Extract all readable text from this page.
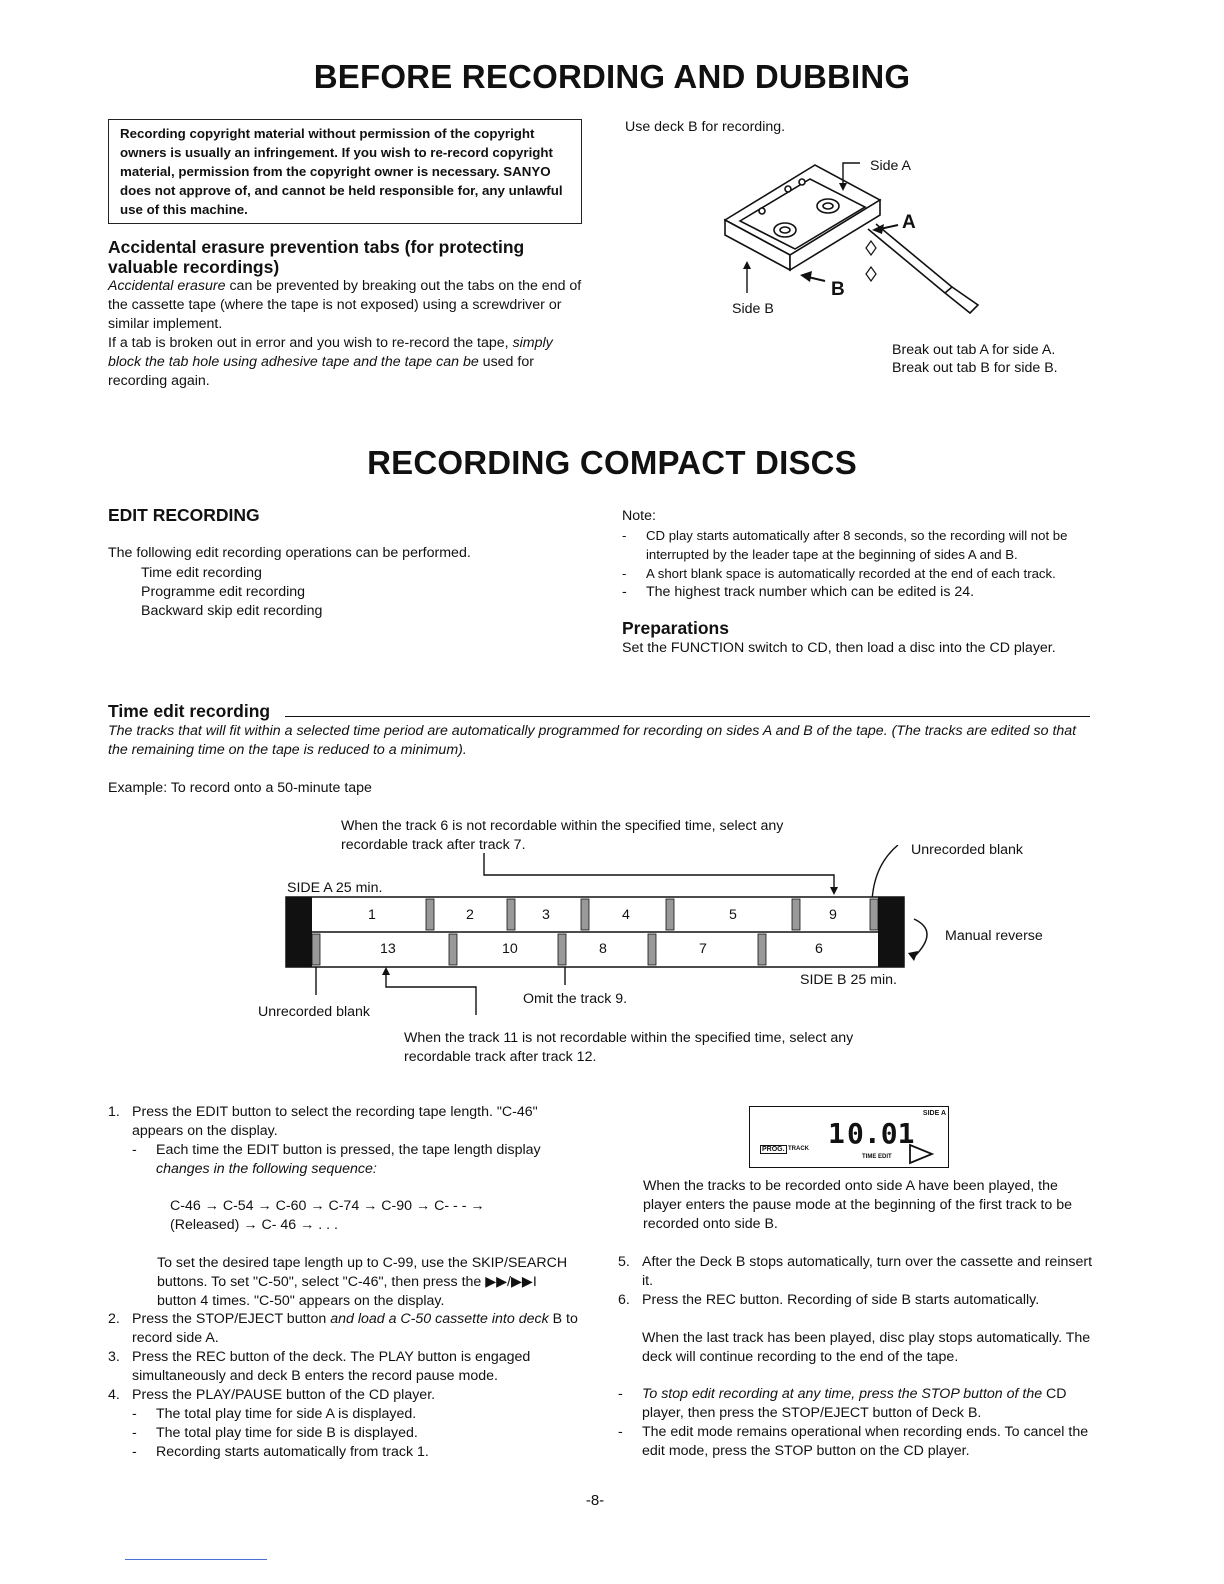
BEFORE RECORDING AND DUBBING
Recording copyright material without permission of the copyright owners is usually an infringement. If you wish to re-record copyright material, permission from the copyright owner is necessary. SANYO does not approve of, and cannot be held responsible for, any unlawful use of this machine.
Accidental erasure prevention tabs (for protecting valuable recordings)
Accidental erasure can be prevented by breaking out the tabs on the end of the cassette tape (where the tape is not exposed) using a screwdriver or similar implement.
If a tab is broken out in error and you wish to re-record the tape, simply block the tab hole using adhesive tape and the tape can be used for recording again.
Use deck B for recording.
Side A
A
B
Side B
Break out tab A for side A.
Break out tab B for side B.
RECORDING COMPACT DISCS
EDIT RECORDING
The following edit recording operations can be performed.
Time edit recording
Programme edit recording
Backward skip edit recording
Note:
- CD play starts automatically after 8 seconds, so the recording will not be interrupted by the leader tape at the beginning of sides A and B.
- A short blank space is automatically recorded at the end of each track.
- The highest track number which can be edited is 24.
Preparations
Set the FUNCTION switch to CD, then load a disc into the CD player.
Time edit recording
The tracks that will fit within a selected time period are automatically programmed for recording on sides A and B of the tape. (The tracks are edited so that the remaining time on the tape is reduced to a minimum).
Example: To record onto a 50-minute tape
When the track 6 is not recordable within the specified time, select any recordable track after track 7.	Unrecorded blank
SIDE A 25 min.
1	2	3	4	5	9
13	10	8	7	6
Manual reverse
SIDE B 25 min.
Omit the track 9.
Unrecorded blank
When the track 11 is not recordable within the specified time, select any recordable track after track 12.
1. Press the EDIT button to select the recording tape length. "C-46" appears on the display.
- Each time the EDIT button is pressed, the tape length display changes in the following sequence:
C-46 → C-54 → C-60 → C-74 → C-90 → C- - - →
(Released) → C- 46 → . . .
To set the desired tape length up to C-99, use the SKIP/SEARCH buttons. To set "C-50", select "C-46", then press the ▶▶/▶▶I button 4 times. "C-50" appears on the display.
2. Press the STOP/EJECT button and load a C-50 cassette into deck B to record side A.
3. Press the REC button of the deck. The PLAY button is engaged simultaneously and deck B enters the record pause mode.
4. Press the PLAY/PAUSE button of the CD player.
- The total play time for side A is displayed.
- The total play time for side B is displayed.
- Recording starts automatically from track 1.
SIDE A
1 0.01
PROG. TRACK
TIME EDIT
When the tracks to be recorded onto side A have been played, the player enters the pause mode at the beginning of the first track to be recorded onto side B.
5. After the Deck B stops automatically, turn over the cassette and reinsert it.
6. Press the REC button. Recording of side B starts automatically.
When the last track has been played, disc play stops automatically. The deck will continue recording to the end of the tape.
- To stop edit recording at any time, press the STOP button of the CD player, then press the STOP/EJECT button of Deck B.
- The edit mode remains operational when recording ends. To cancel the edit mode, press the STOP button on the CD player.
-8-
